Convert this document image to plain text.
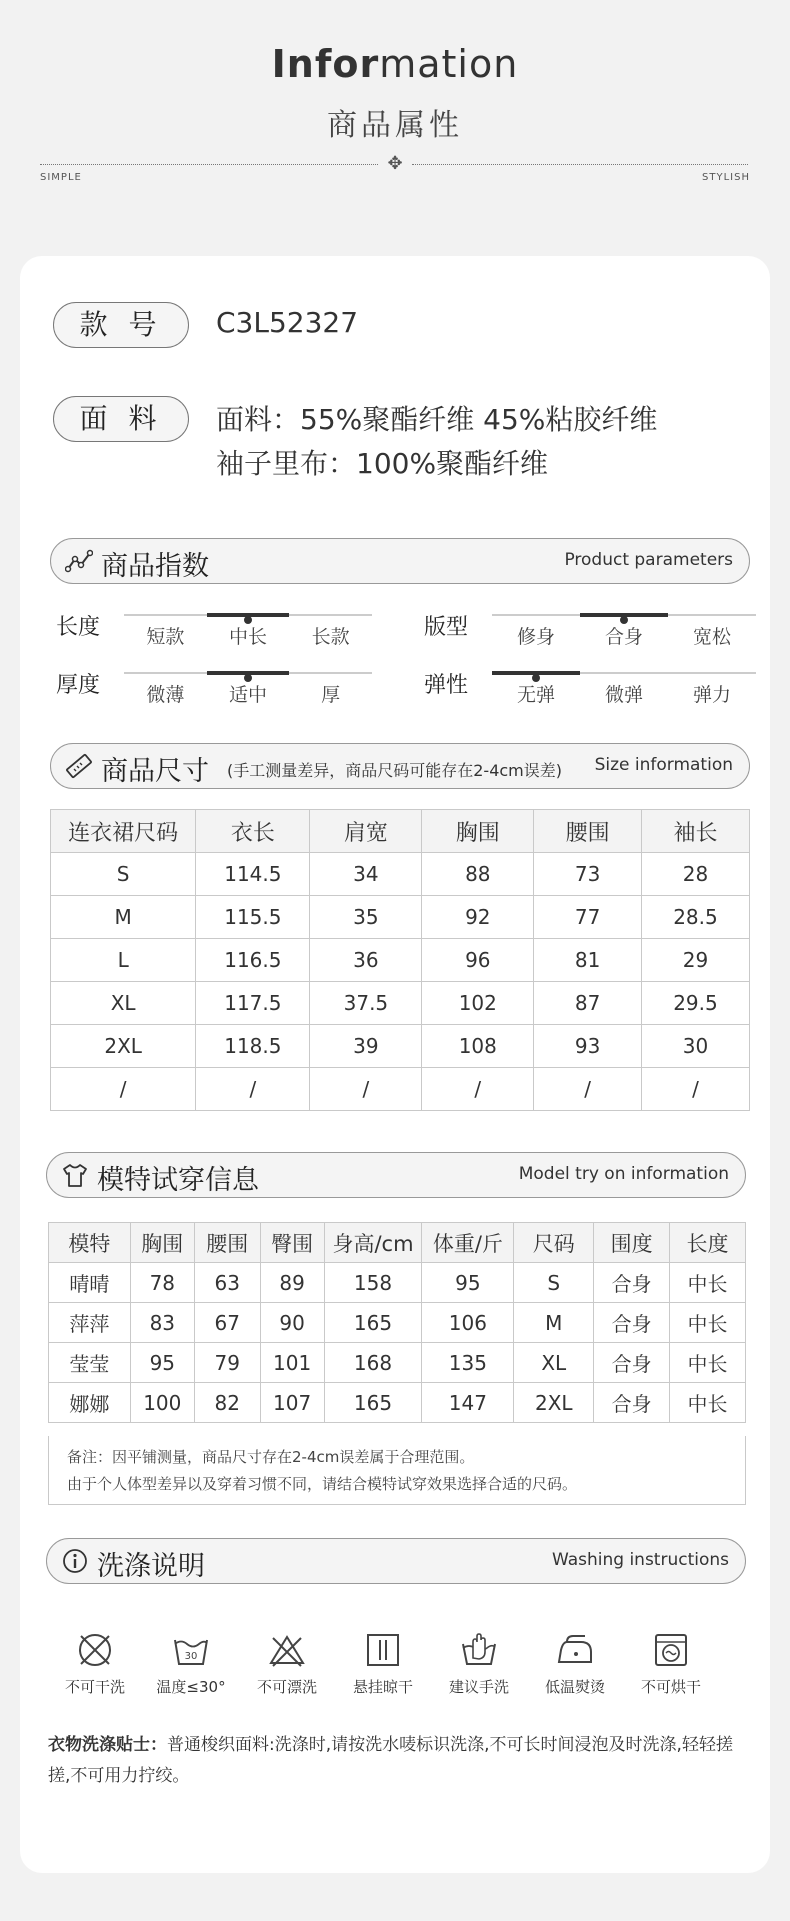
Information
商品属性
✥
SIMPLE	STYLISH
款 号	C3L52327
面 料	面料：55%聚酯纤维 45%粘胶纤维
袖子里布：100%聚酯纤维
商品指数	Product parameters
长度	短款	中长	长款	版型	修身	合身	宽松
厚度	微薄	适中	厚	弹性	无弹	微弹	弹力
商品尺寸 (手工测量差异，商品尺码可能存在2-4cm误差) Size information
连衣裙尺码	衣长	肩宽	胸围	腰围	袖长
S	114.5	34	88	73	28
M	115.5	35	92	77	28.5
L	116.5	36	96	81	29
XL	117.5	37.5	102	87	29.5
2XL	118.5	39	108	93	30
/	/	/	/	/	/
模特试穿信息	Model try on information
模特	胸围	腰围	臀围	身高/cm	体重/斤	尺码	围度	长度
晴晴	78	63	89	158	95	S	合身	中长
萍萍	83	67	90	165	106	M	合身	中长
莹莹	95	79	101	168	135	XL	合身	中长
娜娜	100	82	107	165	147	2XL	合身	中长
备注：因平铺测量，商品尺寸存在2-4cm误差属于合理范围。
由于个人体型差异以及穿着习惯不同，请结合模特试穿效果选择合适的尺码。
洗涤说明	Washing instructions
不可干洗
30
温度≤30°	不可漂洗	悬挂晾干	建议手洗	低温熨烫	不可烘干
衣物洗涤贴士：普通梭织面料:洗涤时,请按洗水唛标识洗涤,不可长时间浸泡及时洗涤,轻轻搓搓,不可用力拧绞。
